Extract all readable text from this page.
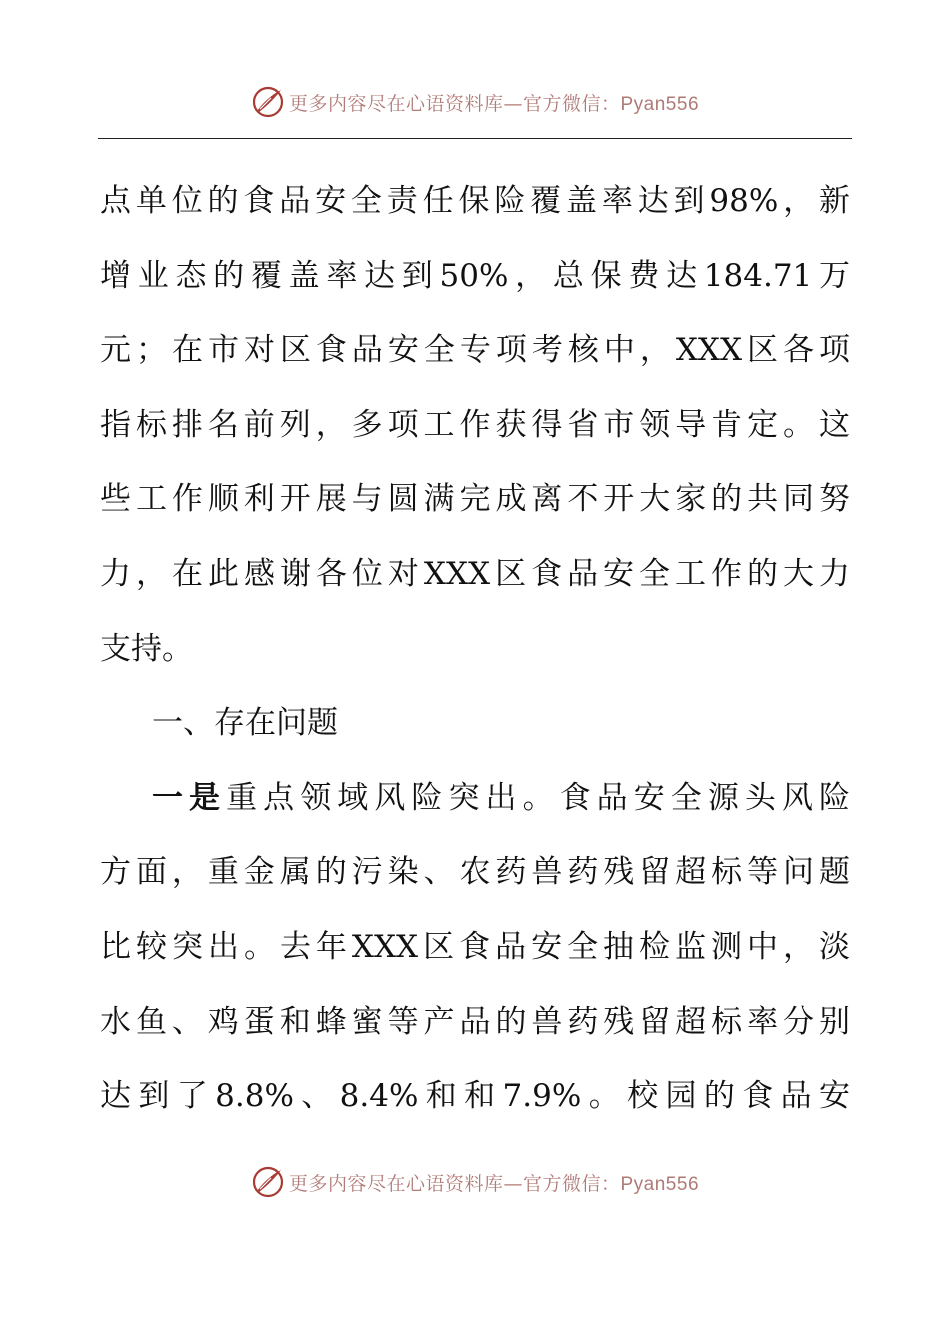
更多内容尽在心语资料库—官方微信：Pyan556
点单位的食品安全责任保险覆盖率达到98%，新
增业态的覆盖率达到50%，总保费达184.71万
元；在市对区食品安全专项考核中，XXX区各项
指标排名前列，多项工作获得省市领导肯定。这
些工作顺利开展与圆满完成离不开大家的共同努
力，在此感谢各位对XXX区食品安全工作的大力
支持。
一、存在问题
一是重点领域风险突出。食品安全源头风险
方面，重金属的污染、农药兽药残留超标等问题
比较突出。去年XXX区食品安全抽检监测中，淡
水鱼、鸡蛋和蜂蜜等产品的兽药残留超标率分别
达到了8.8%、8.4%和和7.9%。校园的食品安
更多内容尽在心语资料库—官方微信：Pyan556
